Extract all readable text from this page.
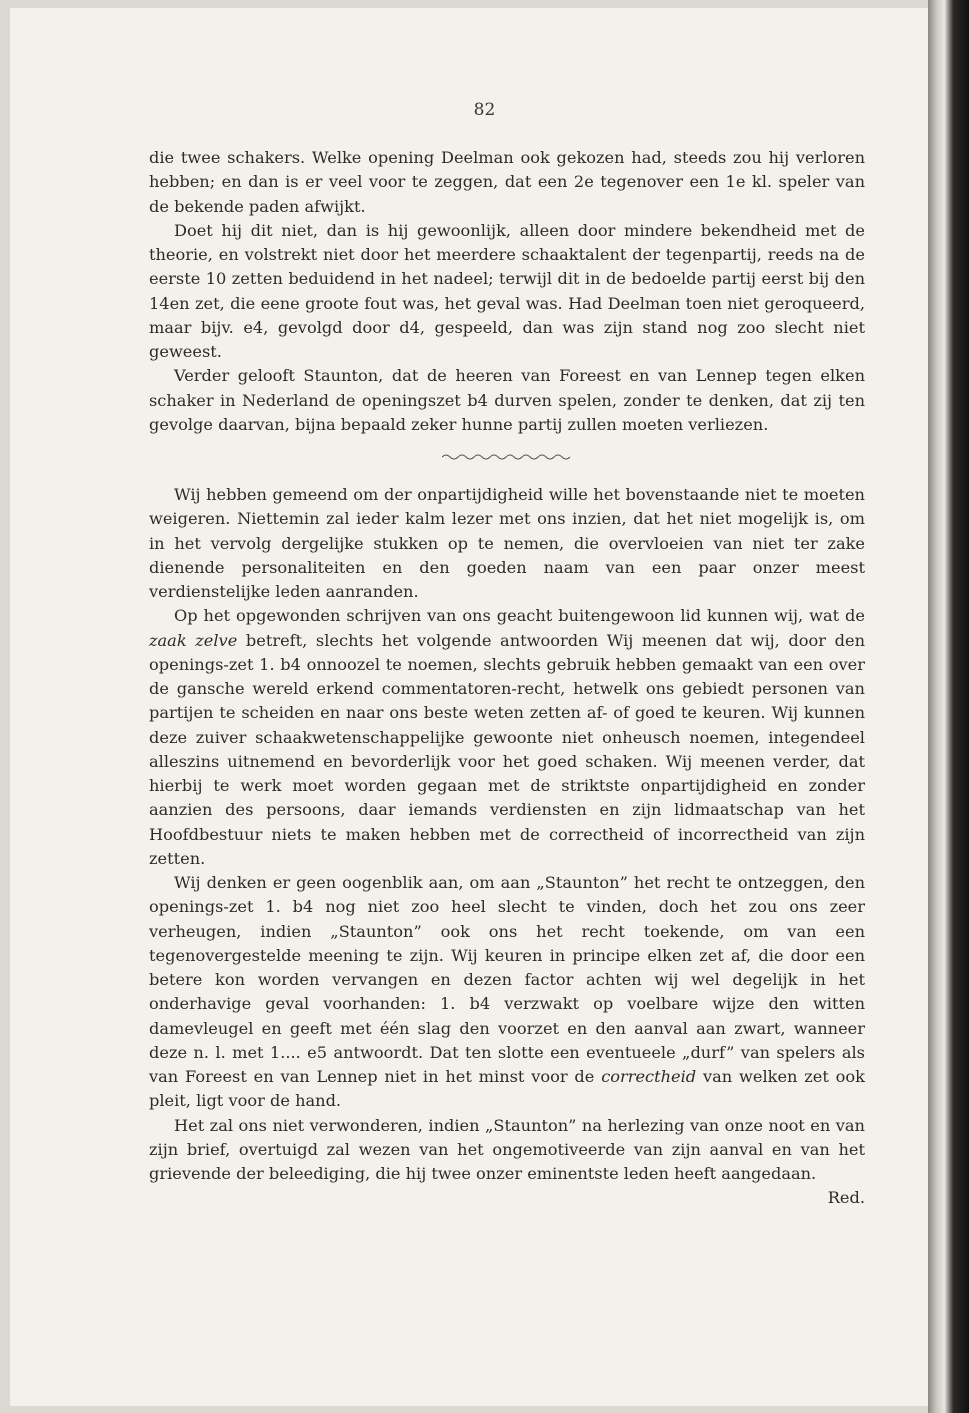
82

die twee schakers. Welke opening Deelman ook gekozen had, steeds zou hij verloren hebben; en dan is er veel voor te zeggen, dat een 2e tegenover een 1e kl. speler van de bekende paden afwijkt.

Doet hij dit niet, dan is hij gewoonlijk, alleen door mindere bekendheid met de theorie, en volstrekt niet door het meerdere schaaktalent der tegenpartij, reeds na de eerste 10 zetten beduidend in het nadeel; terwijl dit in de bedoelde partij eerst bij den 14en zet, die eene groote fout was, het geval was. Had Deelman toen niet geroqueerd, maar bijv. e4, gevolgd door d4, gespeeld, dan was zijn stand nog zoo slecht niet geweest.

Verder gelooft Staunton, dat de heeren van Foreest en van Lennep tegen elken schaker in Nederland de openingszet b4 durven spelen, zonder te denken, dat zij ten gevolge daarvan, bijna bepaald zeker hunne partij zullen moeten verliezen.

Wij hebben gemeend om der onpartijdigheid wille het bovenstaande niet te moeten weigeren. Niettemin zal ieder kalm lezer met ons inzien, dat het niet mogelijk is, om in het vervolg dergelijke stukken op te nemen, die overvloeien van niet ter zake dienende personaliteiten en den goeden naam van een paar onzer meest verdienstelijke leden aanranden.

Op het opgewonden schrijven van ons geacht buitengewoon lid kunnen wij, wat de zaak zelve betreft, slechts het volgende antwoorden Wij meenen dat wij, door den openings-zet 1. b4 onnoozel te noemen, slechts gebruik hebben gemaakt van een over de gansche wereld erkend commentatoren-recht, hetwelk ons gebiedt personen van partijen te scheiden en naar ons beste weten zetten af- of goed te keuren. Wij kunnen deze zuiver schaakwetenschappelijke gewoonte niet onheusch noemen, integendeel alleszins uitnemend en bevorderlijk voor het goed schaken. Wij meenen verder, dat hierbij te werk moet worden gegaan met de striktste onpartijdigheid en zonder aanzien des persoons, daar iemands verdiensten en zijn lidmaatschap van het Hoofdbestuur niets te maken hebben met de correctheid of incorrectheid van zijn zetten.

Wij denken er geen oogenblik aan, om aan „Staunton” het recht te ontzeggen, den openings-zet 1. b4 nog niet zoo heel slecht te vinden, doch het zou ons zeer verheugen, indien „Staunton” ook ons het recht toekende, om van een tegenovergestelde meening te zijn. Wij keuren in principe elken zet af, die door een betere kon worden vervangen en dezen factor achten wij wel degelijk in het onderhavige geval voorhanden: 1. b4 verzwakt op voelbare wijze den witten damevleugel en geeft met één slag den voorzet en den aanval aan zwart, wanneer deze n. l. met 1.... e5 antwoordt. Dat ten slotte een eventueele „durf” van spelers als van Foreest en van Lennep niet in het minst voor de correctheid van welken zet ook pleit, ligt voor de hand.

Het zal ons niet verwonderen, indien „Staunton” na herlezing van onze noot en van zijn brief, overtuigd zal wezen van het ongemotiveerde van zijn aanval en van het grievende der beleediging, die hij twee onzer eminentste leden heeft aangedaan.
Red.
